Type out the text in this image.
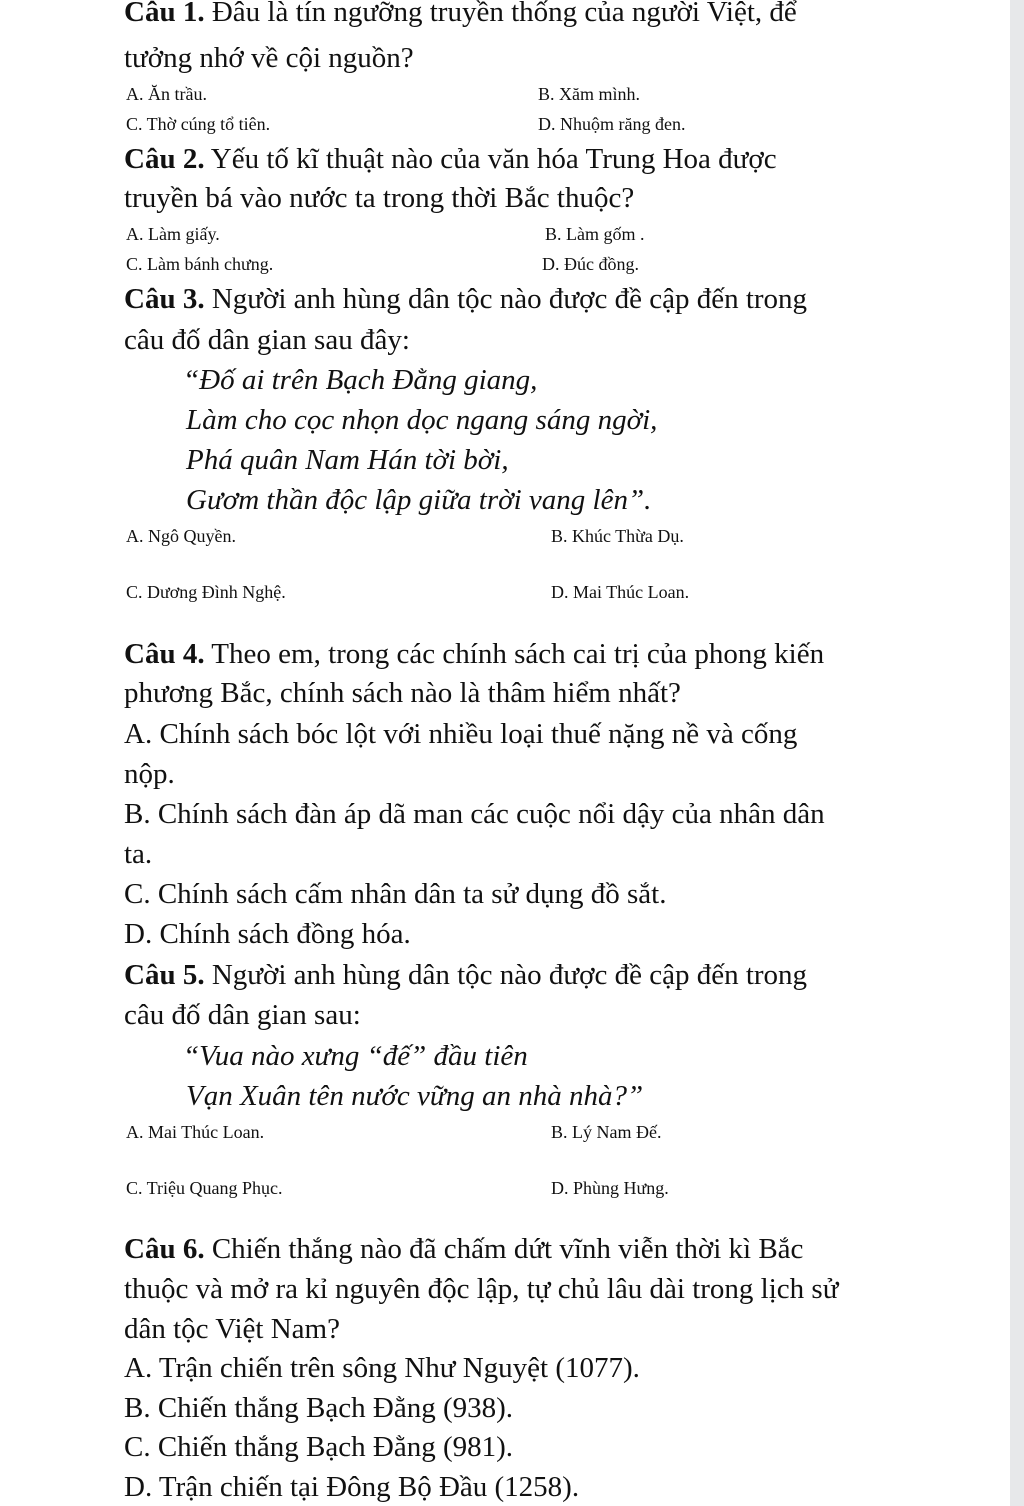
Câu 1. Đâu là tín ngưỡng truyền thống của người Việt, để
tưởng nhớ về cội nguồn?
A. Ăn trầu.	B. Xăm mình.
C. Thờ cúng tổ tiên.	D. Nhuộm răng đen.
Câu 2. Yếu tố kĩ thuật nào của văn hóa Trung Hoa được
truyền bá vào nước ta trong thời Bắc thuộc?
A. Làm giấy.	B. Làm gốm .
C. Làm bánh chưng.	D. Đúc đồng.
Câu 3. Người anh hùng dân tộc nào được đề cập đến trong
câu đố dân gian sau đây:
“Đố ai trên Bạch Đằng giang,
Làm cho cọc nhọn dọc ngang sáng ngời,
Phá quân Nam Hán tời bời,
Gươm thần độc lập giữa trời vang lên”.
A. Ngô Quyền.	B. Khúc Thừa Dụ.
C. Dương Đình Nghệ.	D. Mai Thúc Loan.
Câu 4. Theo em, trong các chính sách cai trị của phong kiến
phương Bắc, chính sách nào là thâm hiểm nhất?
A. Chính sách bóc lột với nhiều loại thuế nặng nề và cống
nộp.
B. Chính sách đàn áp dã man các cuộc nổi dậy của nhân dân
ta.
C. Chính sách cấm nhân dân ta sử dụng đồ sắt.
D. Chính sách đồng hóa.
Câu 5. Người anh hùng dân tộc nào được đề cập đến trong
câu đố dân gian sau:
“Vua nào xưng “đế” đầu tiên
Vạn Xuân tên nước vững an nhà nhà?”
A. Mai Thúc Loan.	B. Lý Nam Đế.
C. Triệu Quang Phục.	D. Phùng Hưng.
Câu 6. Chiến thắng nào đã chấm dứt vĩnh viễn thời kì Bắc
thuộc và mở ra kỉ nguyên độc lập, tự chủ lâu dài trong lịch sử
dân tộc Việt Nam?
A. Trận chiến trên sông Như Nguyệt (1077).
B. Chiến thắng Bạch Đằng (938).
C. Chiến thắng Bạch Đằng (981).
D. Trận chiến tại Đông Bộ Đầu (1258).
